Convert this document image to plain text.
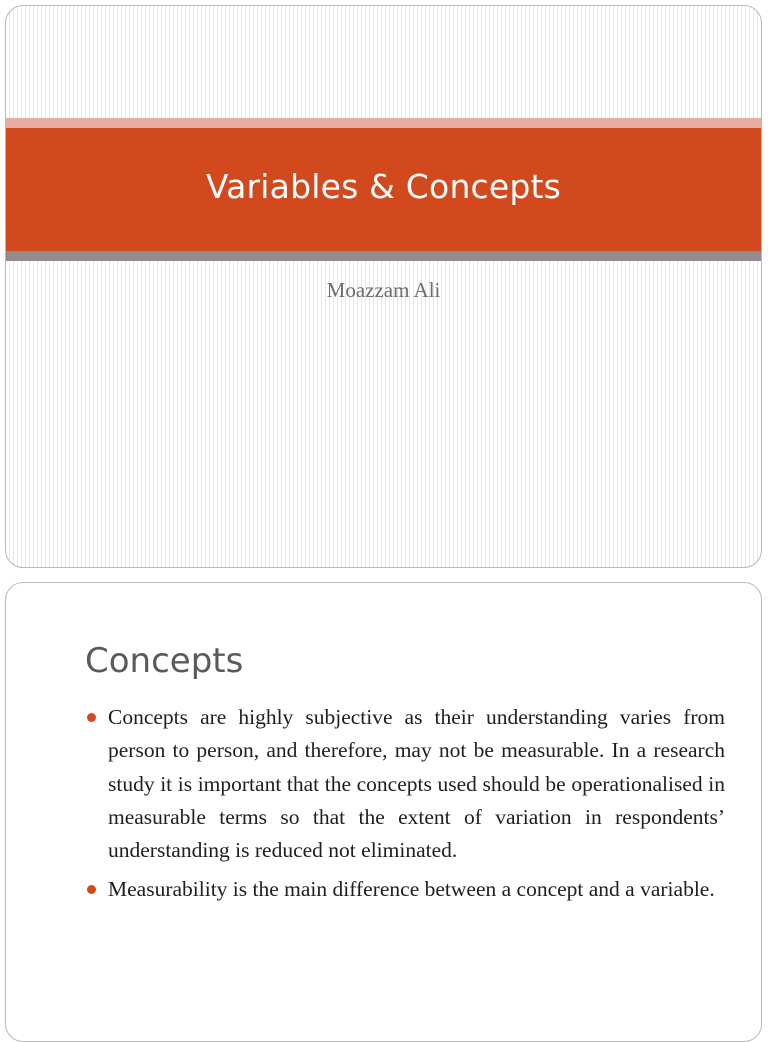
Variables & Concepts
Moazzam Ali
Concepts
Concepts are highly subjective as their understanding varies from person to person, and therefore, may not be measurable. In a research study it is important that the concepts used should be operationalised in measurable terms so that the extent of variation in respondents’ understanding is reduced not eliminated.
Measurability is the main difference between a concept and a variable.
